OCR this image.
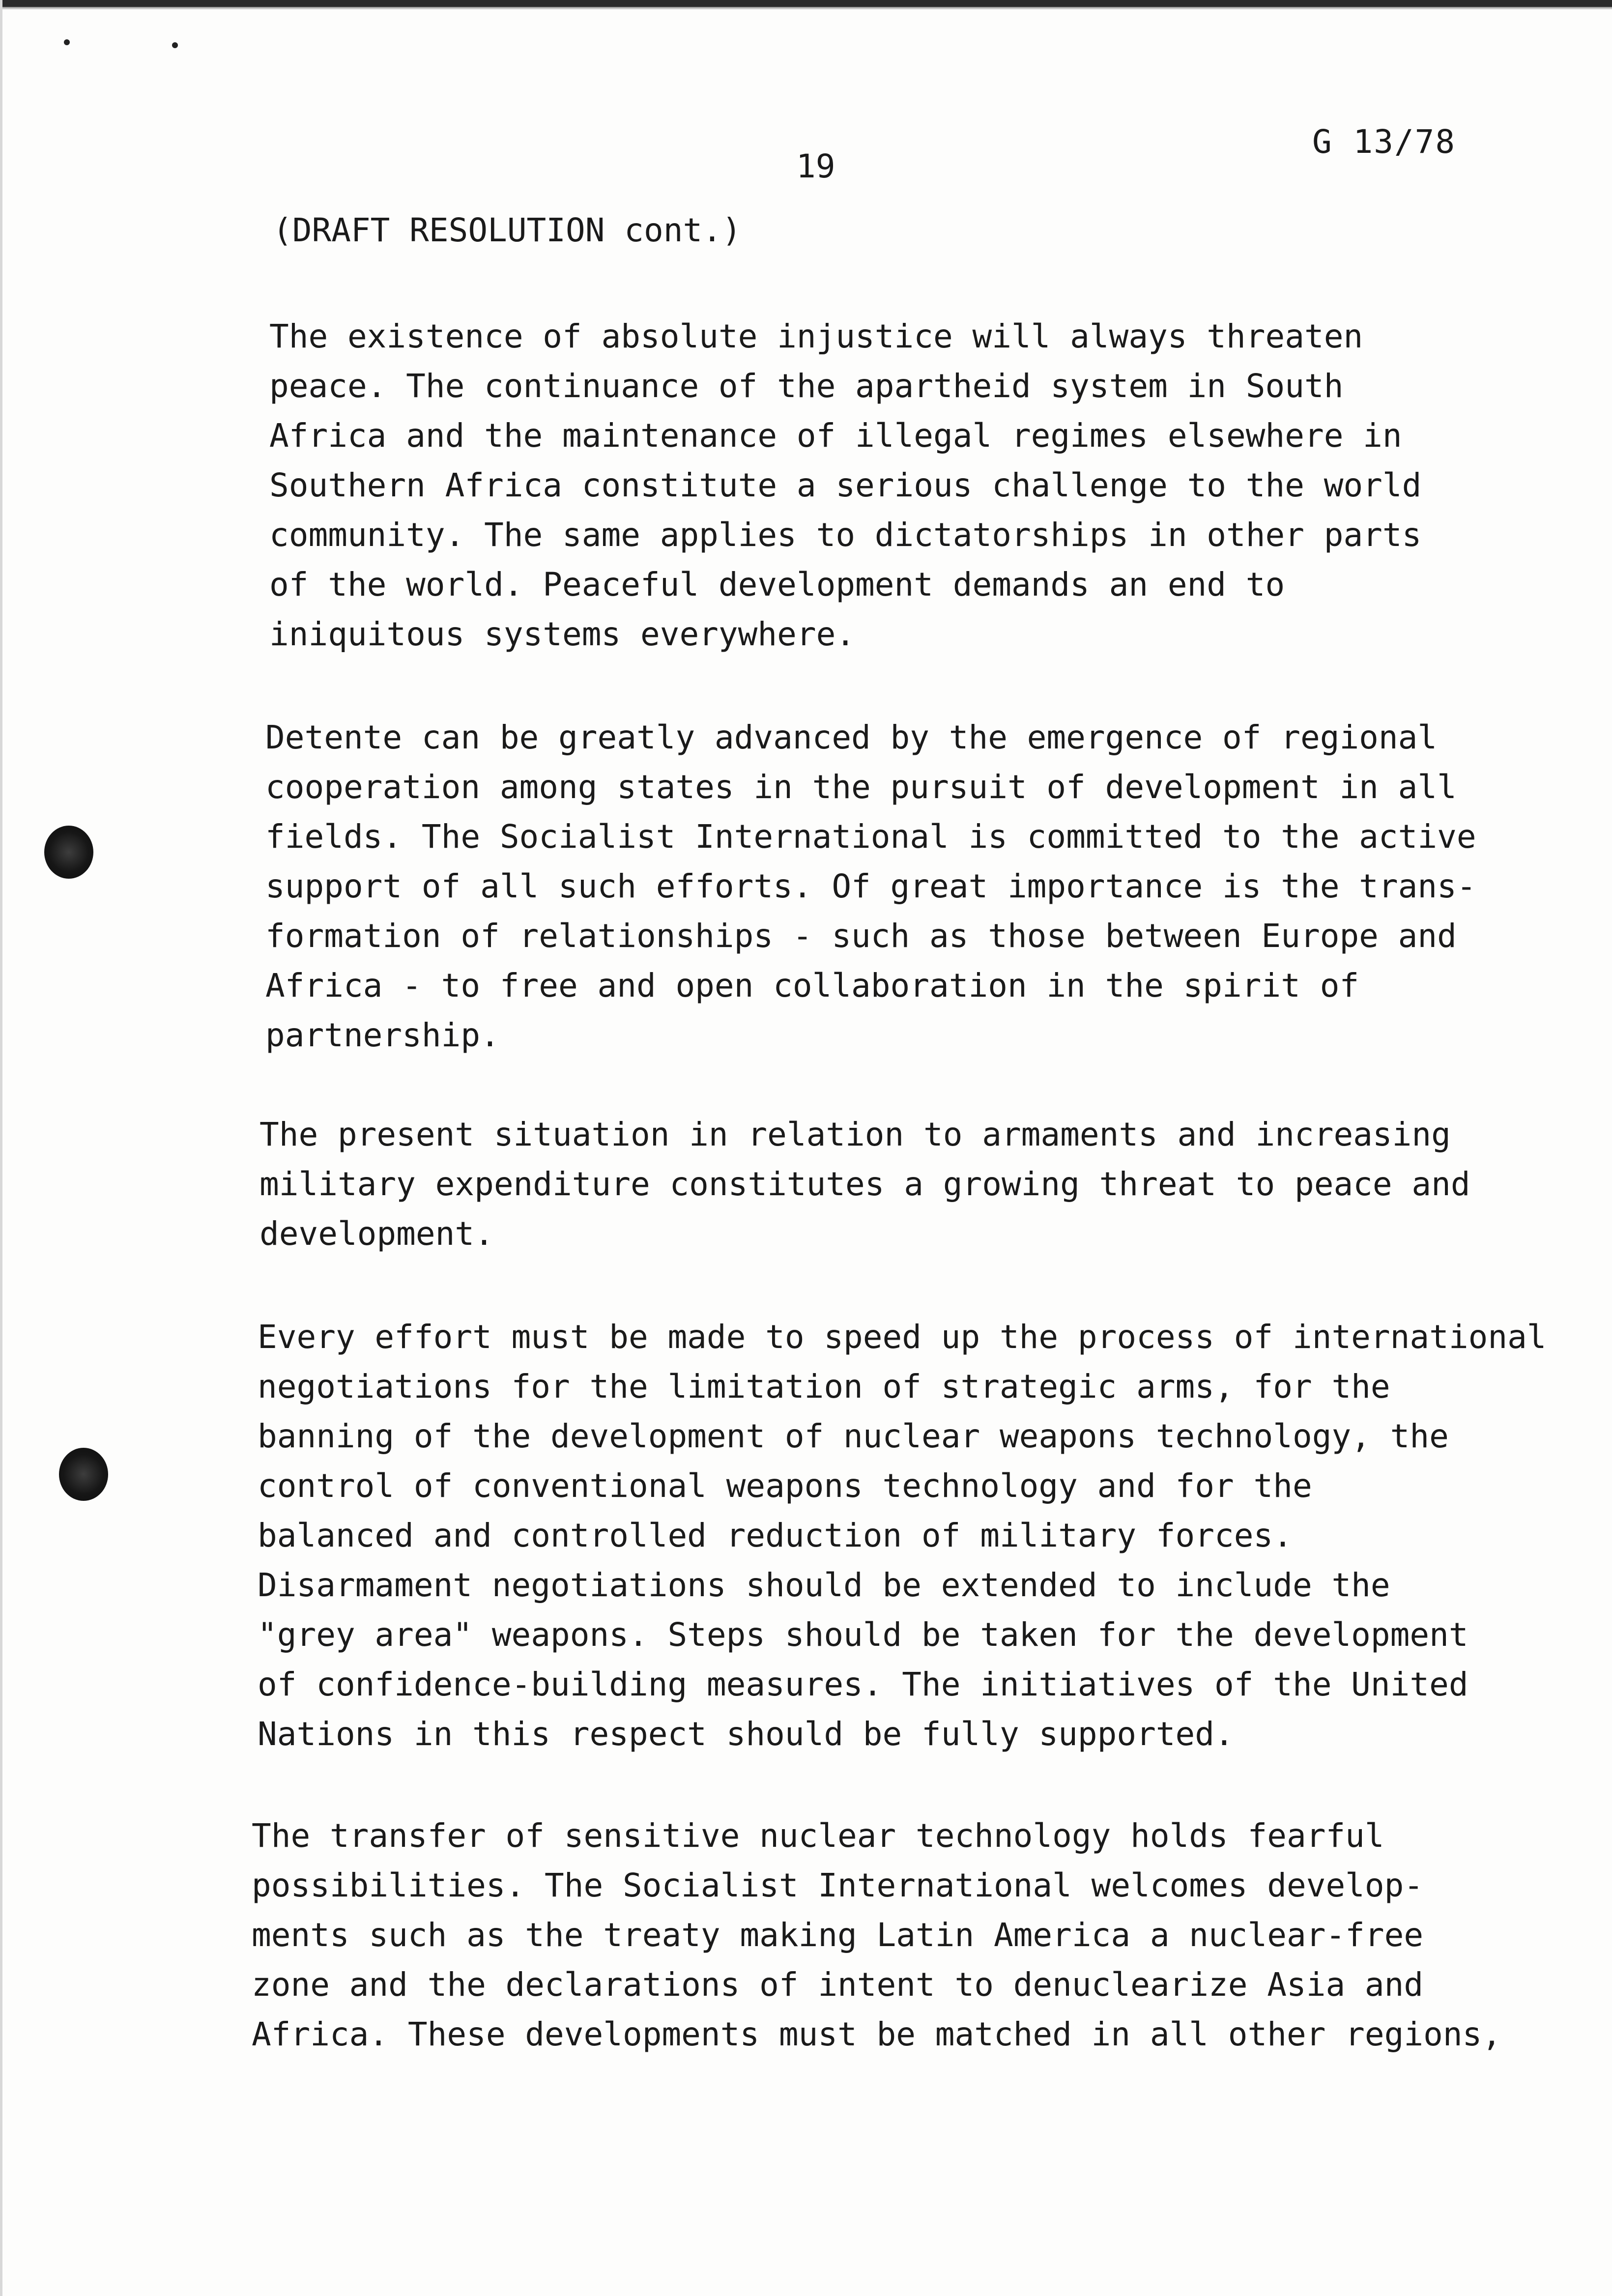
G 13/78
19
(DRAFT RESOLUTION cont.)
The existence of absolute injustice will always threaten
peace. The continuance of the apartheid system in South
Africa and the maintenance of illegal regimes elsewhere in
Southern Africa constitute a serious challenge to the world
community. The same applies to dictatorships in other parts
of the world. Peaceful development demands an end to
iniquitous systems everywhere.
Detente can be greatly advanced by the emergence of regional
cooperation among states in the pursuit of development in all
fields. The Socialist International is committed to the active
support of all such efforts. Of great importance is the trans-
formation of relationships - such as those between Europe and
Africa - to free and open collaboration in the spirit of
partnership.
The present situation in relation to armaments and increasing
military expenditure constitutes a growing threat to peace and
development.
Every effort must be made to speed up the process of international
negotiations for the limitation of strategic arms, for the
banning of the development of nuclear weapons technology, the
control of conventional weapons technology and for the
balanced and controlled reduction of military forces.
Disarmament negotiations should be extended to include the
"grey area" weapons. Steps should be taken for the development
of confidence-building measures. The initiatives of the United
Nations in this respect should be fully supported.
The transfer of sensitive nuclear technology holds fearful
possibilities. The Socialist International welcomes develop-
ments such as the treaty making Latin America a nuclear-free
zone and the declarations of intent to denuclearize Asia and
Africa. These developments must be matched in all other regions,
